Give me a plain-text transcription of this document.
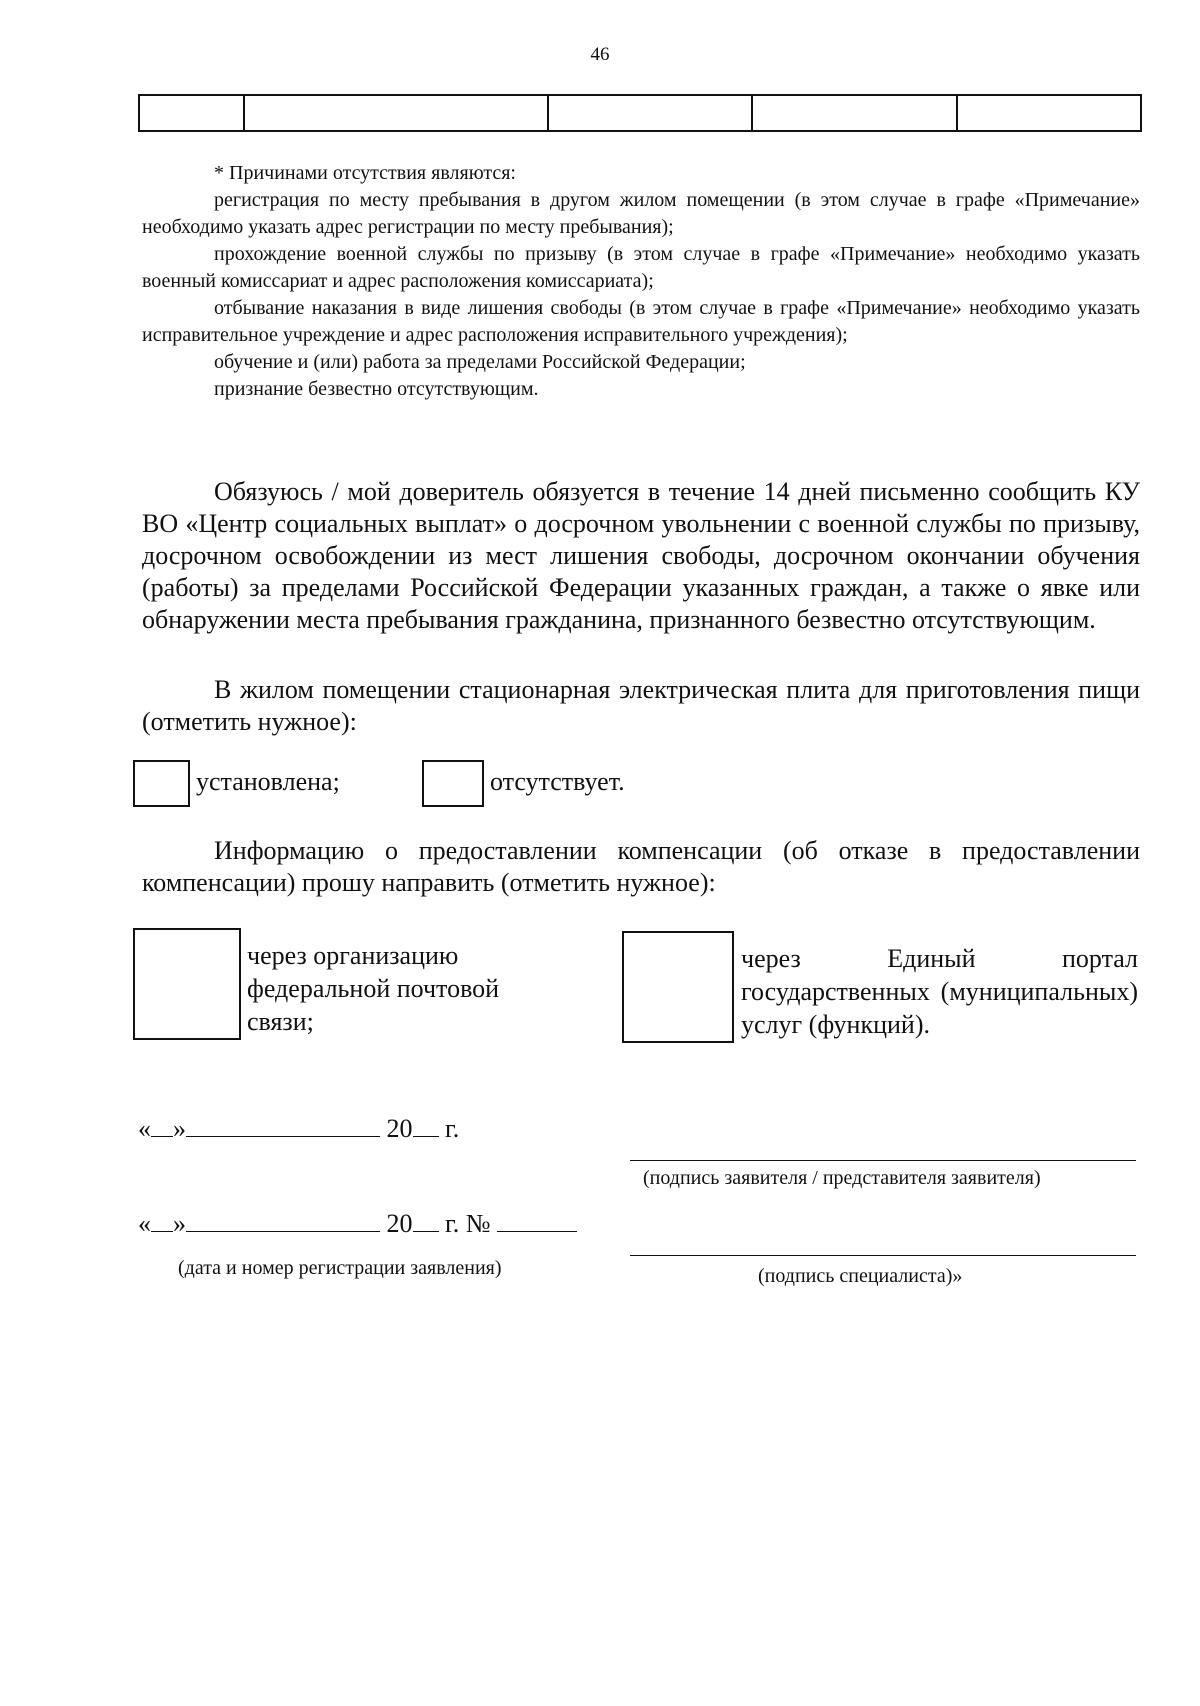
46

* Причинами отсутствия являются:

регистрация по месту пребывания в другом жилом помещении (в этом случае в графе «Примечание» необходимо указать адрес регистрации по месту пребывания);

прохождение военной службы по призыву (в этом случае в графе «Примечание» необходимо указать военный комиссариат и адрес расположения комиссариата);

отбывание наказания в виде лишения свободы (в этом случае в графе «Примечание» необходимо указать исправительное учреждение и адрес расположения исправительного учреждения);

обучение и (или) работа за пределами Российской Федерации;

признание безвестно отсутствующим.

Обязуюсь / мой доверитель обязуется в течение 14 дней письменно сообщить КУ ВО «Центр социальных выплат» о досрочном увольнении с военной службы по призыву, досрочном освобождении из мест лишения свободы, досрочном окончании обучения (работы) за пределами Российской Федерации указанных граждан, а также о явке или обнаружении места пребывания гражданина, признанного безвестно отсутствующим.

В жилом помещении стационарная электрическая плита для приготовления пищи (отметить нужное):

установлена;	отсутствует.

Информацию о предоставлении компенсации (об отказе в предоставлении компенсации) прошу направить (отметить нужное):

через организацию федеральной почтовой связи;
через Единый портал государственных (муниципальных) услуг (функций).
« »	20 г.
(подпись заявителя / представителя заявителя)
« »	20 г. №
(дата и номер регистрации заявления)	(подпись специалиста)»
